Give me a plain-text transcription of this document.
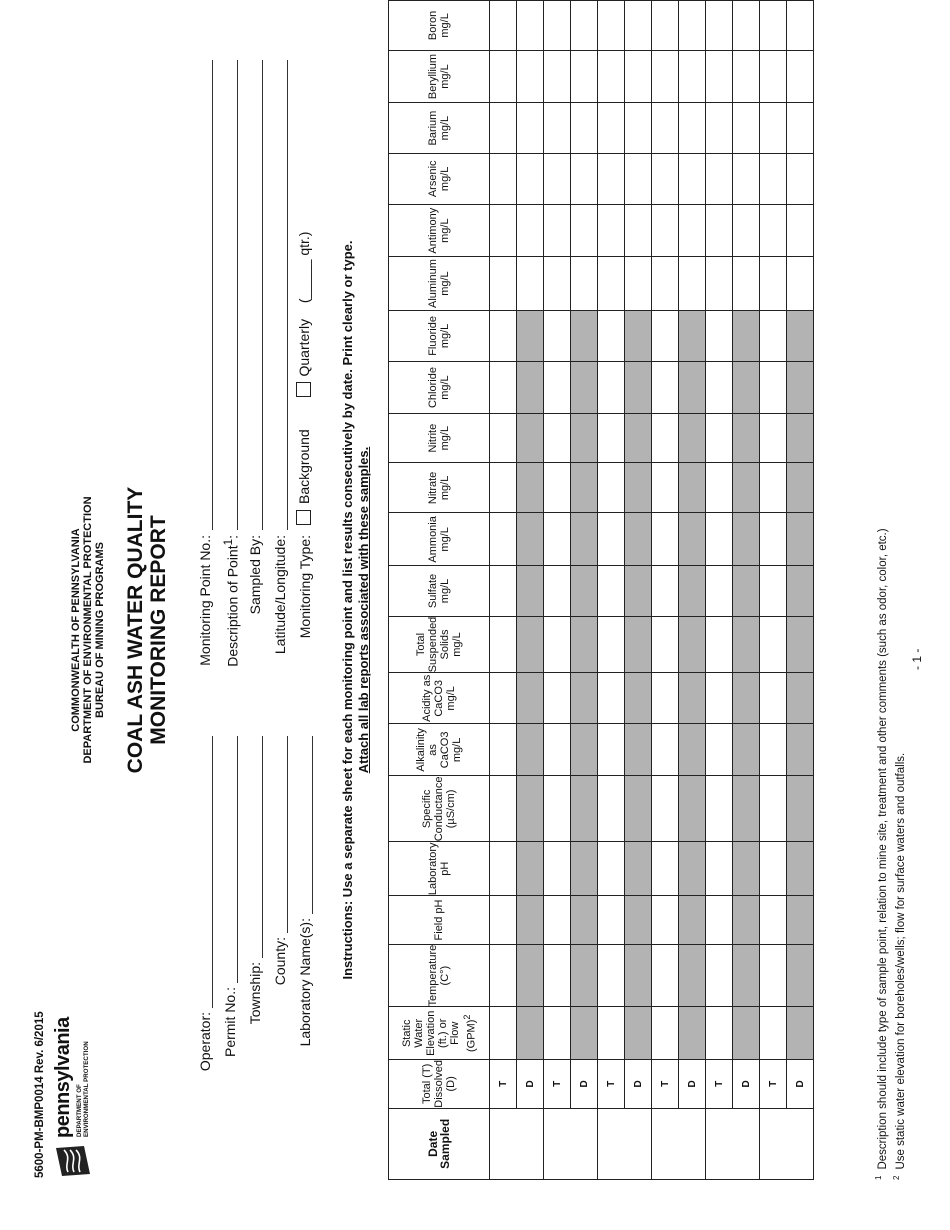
5600-PM-BMP0014 Rev. 6/2015 pennsylvania DEPARTMENT OF ENVIRONMENTAL PROTECTION
COMMONWEALTH OF PENNSYLVANIA DEPARTMENT OF ENVIRONMENTAL PROTECTION BUREAU OF MINING PROGRAMS COAL ASH WATER QUALITY MONITORING REPORT
Operator: Permit No.: Township:
County: Laboratory Name(s):
Monitoring Point No.: Description of Point$^1$: Sampled By: Latitude/Longitude: Monitoring Type:
Background  Quarterly  (_____ qtr.) Instructions: Use a separate sheet for each monitoring point and list results consecutively by date. Print clearly or type. Attach all lab reports associated with these samples.
Date Sampled	Total (T) Dissolved (D)	Static Water Elevation (ft.) or Flow (GPM)$^2$	Temperature (C°)	Field pH	Laboratory pH	Specific Conductance (µS/cm)	Alkalinity as CaCO3 mg/L	Acidity as CaCO3 mg/L	Total Suspended Solids mg/L	Sulfate mg/L	Ammonia mg/L	Nitrate mg/L	Nitrite mg/L	Chloride mg/L	Fluoride mg/L	Aluminum mg/L	Antimony mg/L	Arsenic mg/L	Barium mg/L	Beryllium mg/L	Boron mg/L
	T																				
	D																				
	T																				
	D																				
	T																				
	D																				
	T																				
	D																				
	T																				
	D																				
	T																				
	D																				
$^1$Description should include type of sample point, relation to mine site, treatment and other comments (such as odor, color, etc.)
$^2$Use static water elevation for boreholes/wells; flow for surface waters and outfalls.
- 1 -
